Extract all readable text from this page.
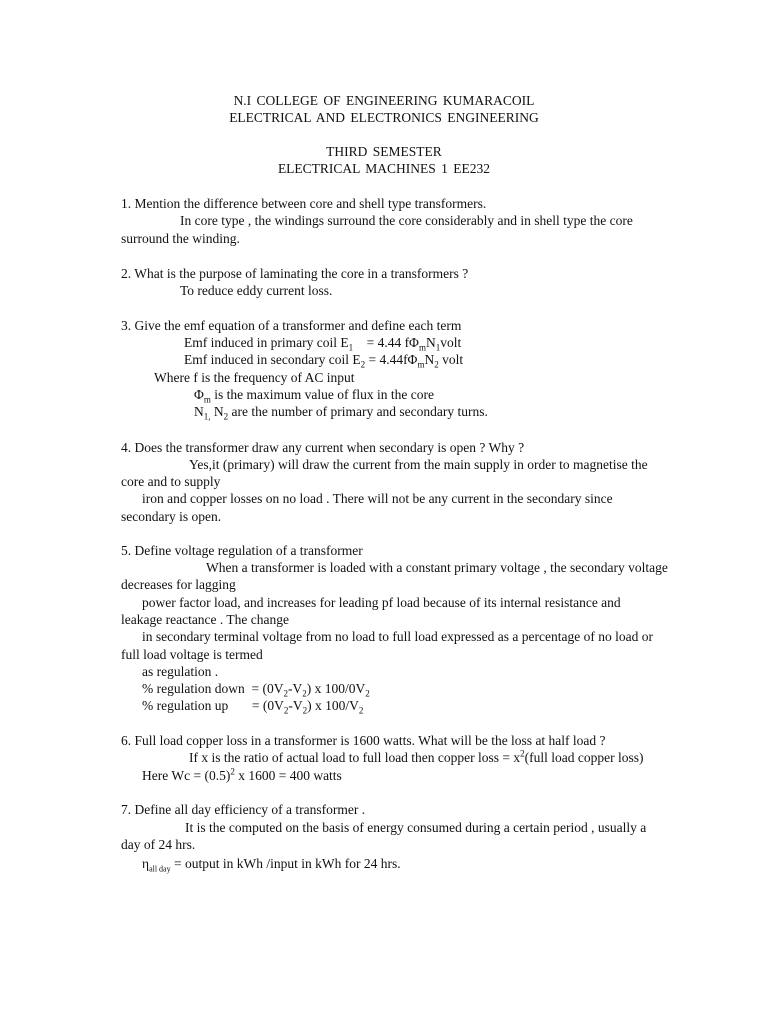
N.I COLLEGE OF ENGINEERING KUMARACOIL
ELECTRICAL AND ELECTRONICS ENGINEERING
THIRD SEMESTER
ELECTRICAL MACHINES 1 EE232
1. Mention the difference between core and shell type transformers.
In core type , the windings surround the core considerably and in shell type the core
surround the winding.
2. What is the purpose of laminating the core in a transformers ?
To reduce eddy current loss.
3. Give the emf equation of a transformer and define each term
Emf induced in primary coil $E_1$    = 4.44 $f\Phi_mN_1volt$
Emf induced in secondary coil $E_2 = 4.44f\Phi_mN_2$ volt
Where f is the frequency of AC input
$\Phi_m$ is the maximum value of flux in the core
$N_{1,}$ $N_2$ are the number of primary and secondary turns.
4. Does the transformer draw any current when secondary is open ? Why ?
Yes,it (primary) will draw the current from the main supply in order to magnetise the
core and to supply
iron and copper losses on no load . There will not be any current in the secondary since
secondary is open.
5. Define voltage regulation of a transformer
When a transformer is loaded with a constant primary voltage , the secondary voltage
decreases for lagging
power factor load, and increases for leading pf load because of its internal resistance and
leakage reactance . The change
in secondary terminal voltage from no load to full load expressed as a percentage of no load or
full load voltage is termed
as regulation .
% regulation down  = $(0V_2-V_2)$ x $100/0V_2$
% regulation up       = $(0V_2-V_2)$ x $100/V_2$
6. Full load copper loss in a transformer is 1600 watts. What will be the loss at half load ?
If x is the ratio of actual load to full load then copper loss = $x^2(full$ load copper loss)
Here $Wc = (0.5)^2$ x 1600 = 400 watts
7. Define all day efficiency of a transformer .
It is the computed on the basis of energy consumed during a certain period , usually a
day of 24 hrs.
$\eta_{all day}$ = output in kWh /input in kWh for 24 hrs.
